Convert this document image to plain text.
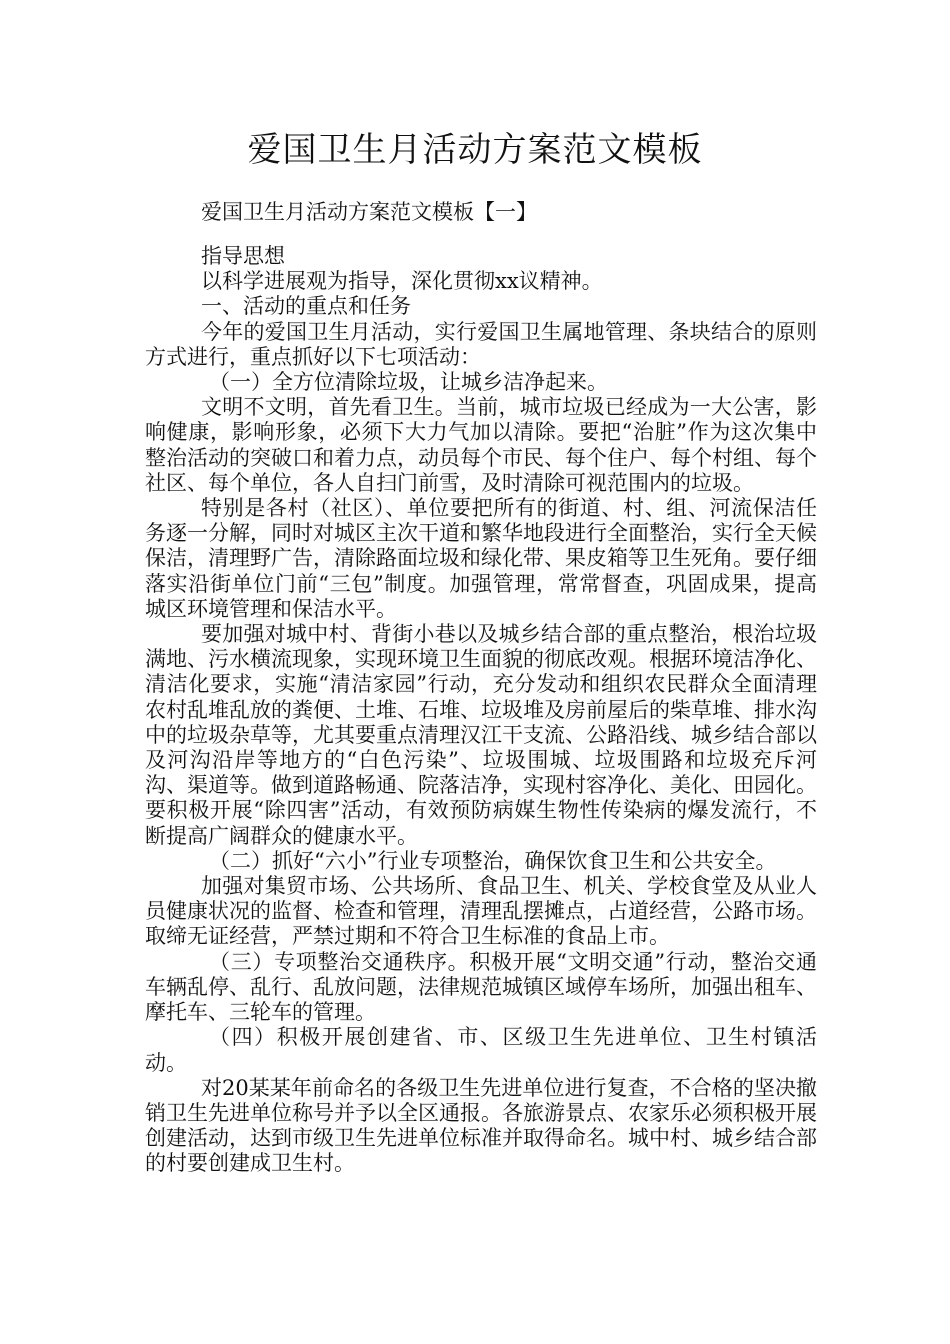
爱国卫生月活动方案范文模板
爱国卫生月活动方案范文模板【一】

指导思想

以科学进展观为指导，深化贯彻xx议精神。

一、活动的重点和任务

今年的爱国卫生月活动，实行爱国卫生属地管理、条块结合的原则方式进行，重点抓好以下七项活动：

（一）全方位清除垃圾，让城乡洁净起来。

文明不文明，首先看卫生。当前，城市垃圾已经成为一大公害，影响健康，影响形象，必须下大力气加以清除。要把“治脏”作为这次集中整治活动的突破口和着力点，动员每个市民、每个住户、每个村组、每个社区、每个单位，各人自扫门前雪，及时清除可视范围内的垃圾。

特别是各村（社区）、单位要把所有的街道、村、组、河流保洁任务逐一分解，同时对城区主次干道和繁华地段进行全面整治，实行全天候保洁，清理野广告，清除路面垃圾和绿化带、果皮箱等卫生死角。要仔细落实沿街单位门前“三包”制度。加强管理，常常督查，巩固成果，提高城区环境管理和保洁水平。

要加强对城中村、背街小巷以及城乡结合部的重点整治，根治垃圾满地、污水横流现象，实现环境卫生面貌的彻底改观。根据环境洁净化、清洁化要求，实施“清洁家园”行动，充分发动和组织农民群众全面清理农村乱堆乱放的粪便、土堆、石堆、垃圾堆及房前屋后的柴草堆、排水沟中的垃圾杂草等，尤其要重点清理汉江干支流、公路沿线、城乡结合部以及河沟沿岸等地方的“白色污染”、垃圾围城、垃圾围路和垃圾充斥河沟、渠道等。做到道路畅通、院落洁净，实现村容净化、美化、田园化。要积极开展“除四害”活动，有效预防病媒生物性传染病的爆发流行，不断提高广阔群众的健康水平。

（二）抓好“六小”行业专项整治，确保饮食卫生和公共安全。

加强对集贸市场、公共场所、食品卫生、机关、学校食堂及从业人员健康状况的监督、检查和管理，清理乱摆摊点，占道经营，公路市场。取缔无证经营，严禁过期和不符合卫生标准的食品上市。

（三）专项整治交通秩序。积极开展“文明交通”行动，整治交通车辆乱停、乱行、乱放问题，法律规范城镇区域停车场所，加强出租车、摩托车、三轮车的管理。

（四）积极开展创建省、市、区级卫生先进单位、卫生村镇活动。

对20某某年前命名的各级卫生先进单位进行复查，不合格的坚决撤销卫生先进单位称号并予以全区通报。各旅游景点、农家乐必须积极开展创建活动，达到市级卫生先进单位标准并取得命名。城中村、城乡结合部的村要创建成卫生村。
